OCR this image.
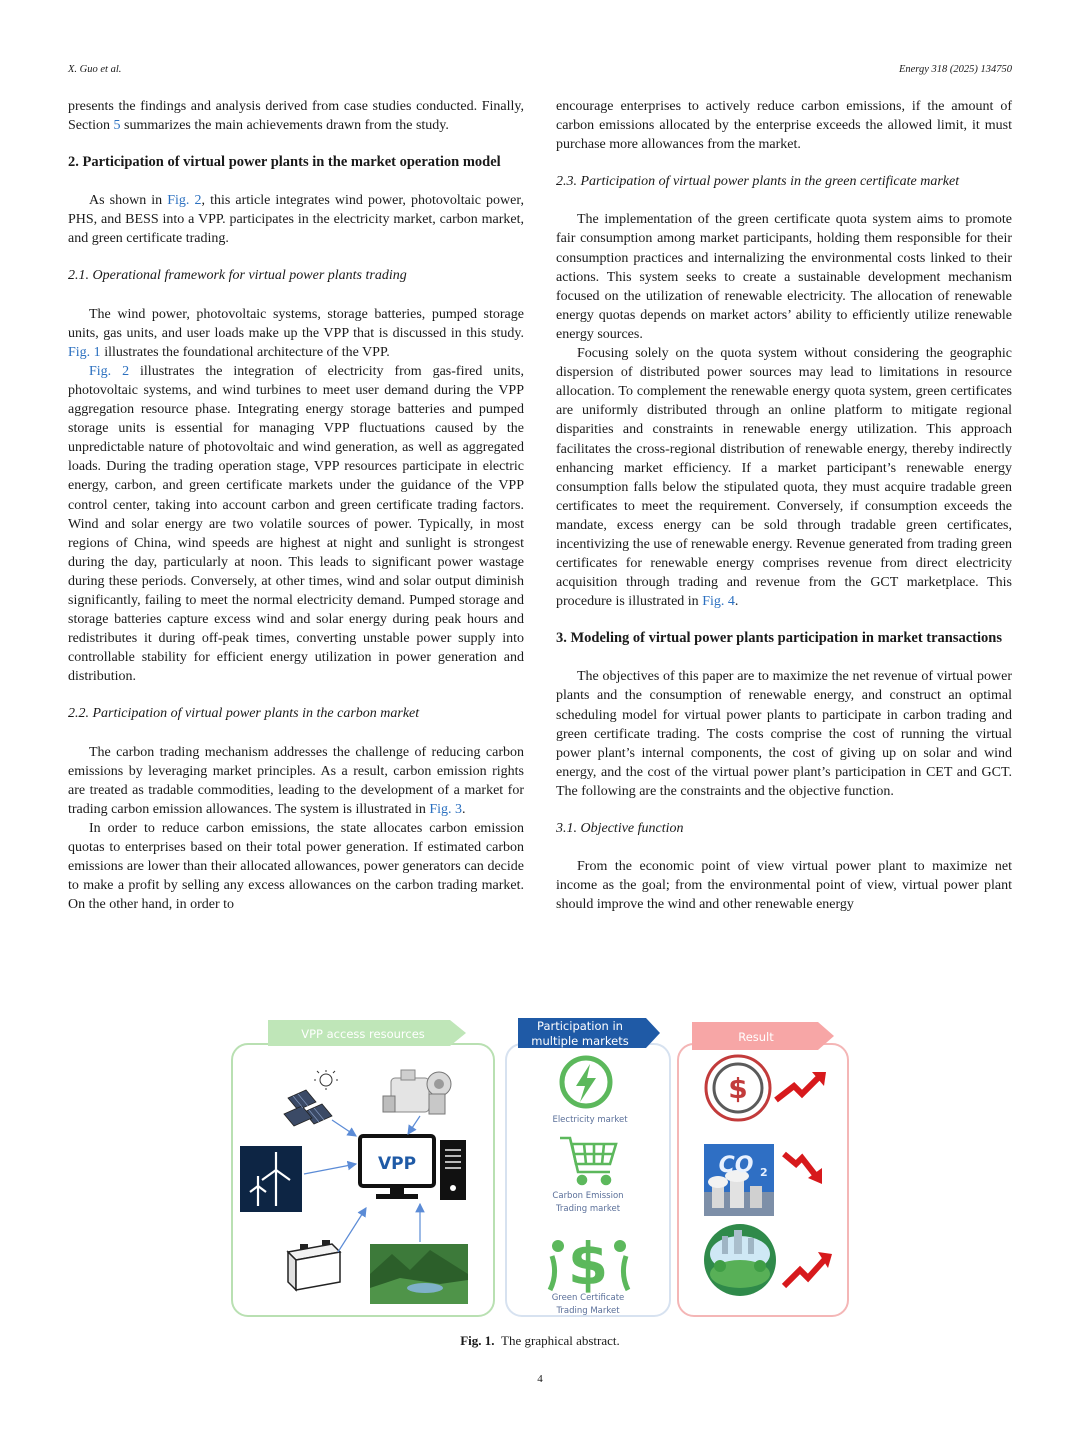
X. Guo et al.	Energy 318 (2025) 134750

presents the findings and analysis derived from case studies conducted. Finally, Section 5 summarizes the main achievements drawn from the study.

2. Participation of virtual power plants in the market operation model

As shown in Fig. 2, this article integrates wind power, photovoltaic power, PHS, and BESS into a VPP. participates in the electricity market, carbon market, and green certificate trading.

2.1. Operational framework for virtual power plants trading

The wind power, photovoltaic systems, storage batteries, pumped storage units, gas units, and user loads make up the VPP that is discussed in this study. Fig. 1 illustrates the foundational architecture of the VPP.

Fig. 2 illustrates the integration of electricity from gas-fired units, photovoltaic systems, and wind turbines to meet user demand during the VPP aggregation resource phase. Integrating energy storage batteries and pumped storage units is essential for managing VPP fluctuations caused by the unpredictable nature of photovoltaic and wind generation, as well as aggregated loads. During the trading operation stage, VPP resources participate in electric energy, carbon, and green certificate markets under the guidance of the VPP control center, taking into account carbon and green certificate trading factors. Wind and solar energy are two volatile sources of power. Typically, in most regions of China, wind speeds are highest at night and sunlight is strongest during the day, particularly at noon. This leads to significant power wastage during these periods. Conversely, at other times, wind and solar output diminish significantly, failing to meet the normal electricity demand. Pumped storage and storage batteries capture excess wind and solar energy during peak hours and redistributes it during off-peak times, converting unstable power supply into controllable stability for efficient energy utilization in power generation and distribution.

2.2. Participation of virtual power plants in the carbon market

The carbon trading mechanism addresses the challenge of reducing carbon emissions by leveraging market principles. As a result, carbon emission rights are treated as tradable commodities, leading to the development of a market for trading carbon emission allowances. The system is illustrated in Fig. 3.

In order to reduce carbon emissions, the state allocates carbon emission quotas to enterprises based on their total power generation. If estimated carbon emissions are lower than their allocated allowances, power generators can decide to make a profit by selling any excess allowances on the carbon trading market. On the other hand, in order to

encourage enterprises to actively reduce carbon emissions, if the amount of carbon emissions allocated by the enterprise exceeds the allowed limit, it must purchase more allowances from the market.

2.3. Participation of virtual power plants in the green certificate market

The implementation of the green certificate quota system aims to promote fair consumption among market participants, holding them responsible for their consumption practices and internalizing the environmental costs linked to their actions. This system seeks to create a sustainable development mechanism focused on the utilization of renewable electricity. The allocation of renewable energy quotas depends on market actors’ ability to efficiently utilize renewable energy sources.

Focusing solely on the quota system without considering the geographic dispersion of distributed power sources may lead to limitations in resource allocation. To complement the renewable energy quota system, green certificates are uniformly distributed through an online platform to mitigate regional disparities and constraints in renewable energy utilization. This approach facilitates the cross-regional distribution of renewable energy, thereby indirectly enhancing market efficiency. If a market participant’s renewable energy consumption falls below the stipulated quota, they must acquire tradable green certificates to meet the requirement. Conversely, if consumption exceeds the mandate, excess energy can be sold through tradable green certificates, incentivizing the use of renewable energy. Revenue generated from trading green certificates for renewable energy comprises revenue from direct electricity acquisition through trading and revenue from the GCT marketplace. This procedure is illustrated in Fig. 4.

3. Modeling of virtual power plants participation in market transactions

The objectives of this paper are to maximize the net revenue of virtual power plants and the consumption of renewable energy, and construct an optimal scheduling model for virtual power plants to participate in carbon trading and green certificate trading. The costs comprise the cost of running the virtual power plant’s internal components, the cost of giving up on solar and wind energy, and the cost of the virtual power plant’s participation in CET and GCT. The following are the constraints and the objective function.

3.1. Objective function

From the economic point of view virtual power plant to maximize net income as the goal; from the environmental point of view, virtual power plant should improve the wind and other renewable energy

VPP access resources
VPP
Participation in
multiple markets
Electricity market
Carbon Emission
Trading market
$
Green Certificate
Trading Market
Result
$
CO 2
Fig. 1. The graphical abstract.
4
